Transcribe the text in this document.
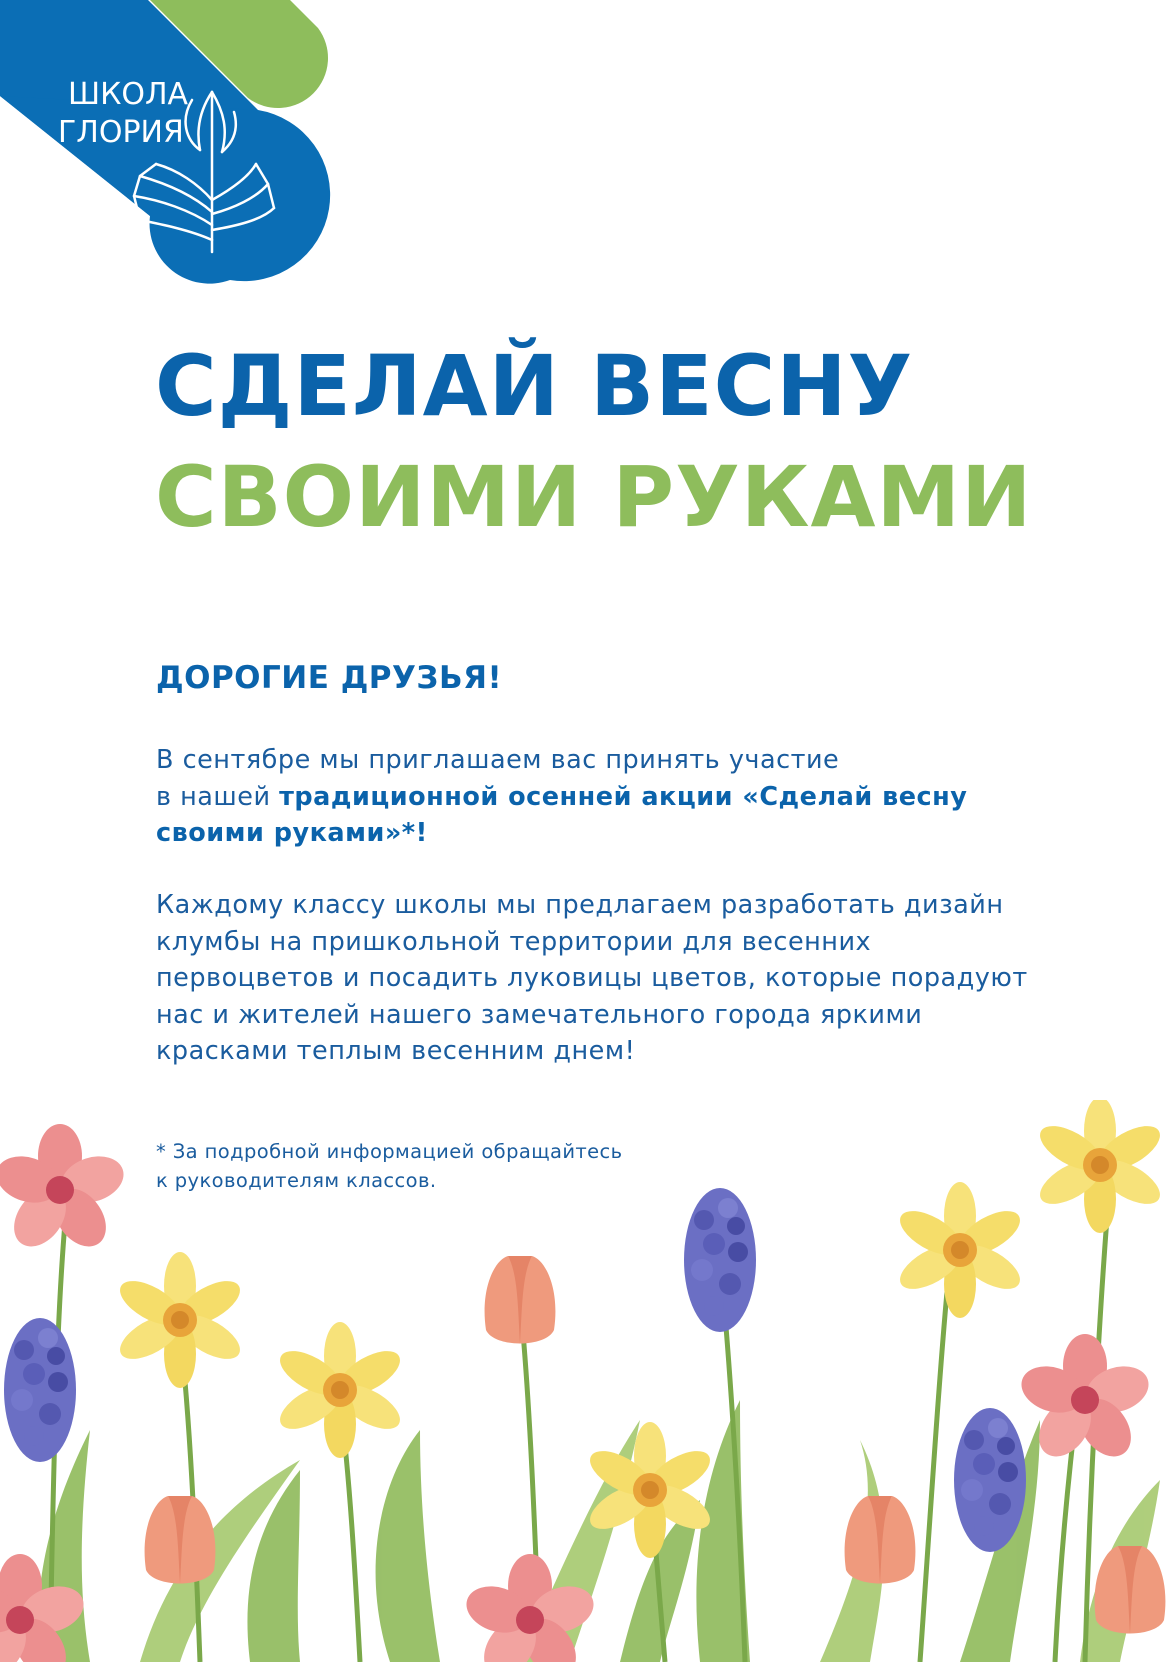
ШКОЛА
ГЛОРИЯ
СДЕЛАЙ ВЕСНУ
СВОИМИ РУКАМИ
ДОРОГИЕ ДРУЗЬЯ!

В сентябре мы приглашаем вас принять участие
в нашей традиционной осенней акции «Сделай весну своими руками»*!

Каждому классу школы мы предлагаем разработать дизайн клумбы на пришкольной территории для весенних первоцветов и посадить луковицы цветов, которые порадуют нас и жителей нашего замечательного города яркими красками теплым весенним днем!

* За подробной информацией обращайтесь
к руководителям классов.
